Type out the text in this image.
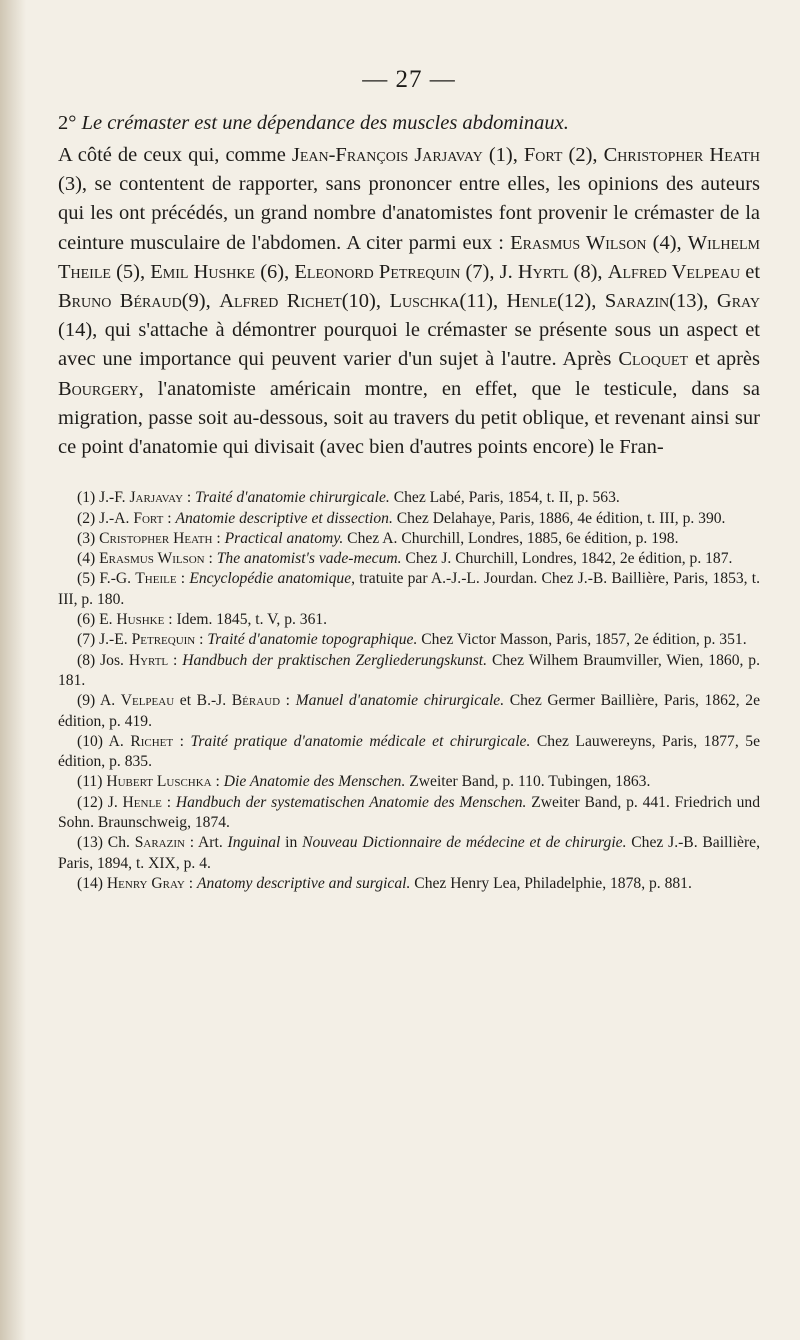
— 27 —
2° Le crémaster est une dépendance des muscles abdominaux.
A côté de ceux qui, comme Jean-François Jarjavay (1), Fort (2), Christopher Heath (3), se contentent de rapporter, sans prononcer entre elles, les opinions des auteurs qui les ont précédés, un grand nombre d'anatomistes font provenir le crémaster de la ceinture musculaire de l'abdomen. A citer parmi eux : Erasmus Wilson (4), Wilhelm Theile (5), Emil Hushke (6), Eleonord Petrequin (7), J. Hyrtl (8), Alfred Velpeau et Bruno Béraud(9), Alfred Richet(10), Luschka(11), Henle(12), Sarazin(13), Gray (14), qui s'attache à démontrer pourquoi le crémaster se présente sous un aspect et avec une importance qui peuvent varier d'un sujet à l'autre. Après Cloquet et après Bourgery, l'anatomiste américain montre, en effet, que le testicule, dans sa migration, passe soit au-dessous, soit au travers du petit oblique, et revenant ainsi sur ce point d'anatomie qui divisait (avec bien d'autres points encore) le Fran-

(1) J.-F. Jarjavay : Traité d'anatomie chirurgicale. Chez Labé, Paris, 1854, t. II, p. 563.

(2) J.-A. Fort : Anatomie descriptive et dissection. Chez Delahaye, Paris, 1886, 4e édition, t. III, p. 390.

(3) Cristopher Heath : Practical anatomy. Chez A. Churchill, Londres, 1885, 6e édition, p. 198.

(4) Erasmus Wilson : The anatomist's vade-mecum. Chez J. Churchill, Londres, 1842, 2e édition, p. 187.

(5) F.-G. Theile : Encyclopédie anatomique, tratuite par A.-J.-L. Jourdan. Chez J.-B. Baillière, Paris, 1853, t. III, p. 180.

(6) E. Hushke : Idem. 1845, t. V, p. 361.

(7) J.-E. Petrequin : Traité d'anatomie topographique. Chez Victor Masson, Paris, 1857, 2e édition, p. 351.

(8) Jos. Hyrtl : Handbuch der praktischen Zergliederungskunst. Chez Wilhem Braumviller, Wien, 1860, p. 181.

(9) A. Velpeau et B.-J. Béraud : Manuel d'anatomie chirurgicale. Chez Germer Baillière, Paris, 1862, 2e édition, p. 419.

(10) A. Richet : Traité pratique d'anatomie médicale et chirurgicale. Chez Lauwereyns, Paris, 1877, 5e édition, p. 835.

(11) Hubert Luschka : Die Anatomie des Menschen. Zweiter Band, p. 110. Tubingen, 1863.

(12) J. Henle : Handbuch der systematischen Anatomie des Menschen. Zweiter Band, p. 441. Friedrich und Sohn. Braunschweig, 1874.

(13) Ch. Sarazin : Art. Inguinal in Nouveau Dictionnaire de médecine et de chirurgie. Chez J.-B. Baillière, Paris, 1894, t. XIX, p. 4.

(14) Henry Gray : Anatomy descriptive and surgical. Chez Henry Lea, Philadelphie, 1878, p. 881.
